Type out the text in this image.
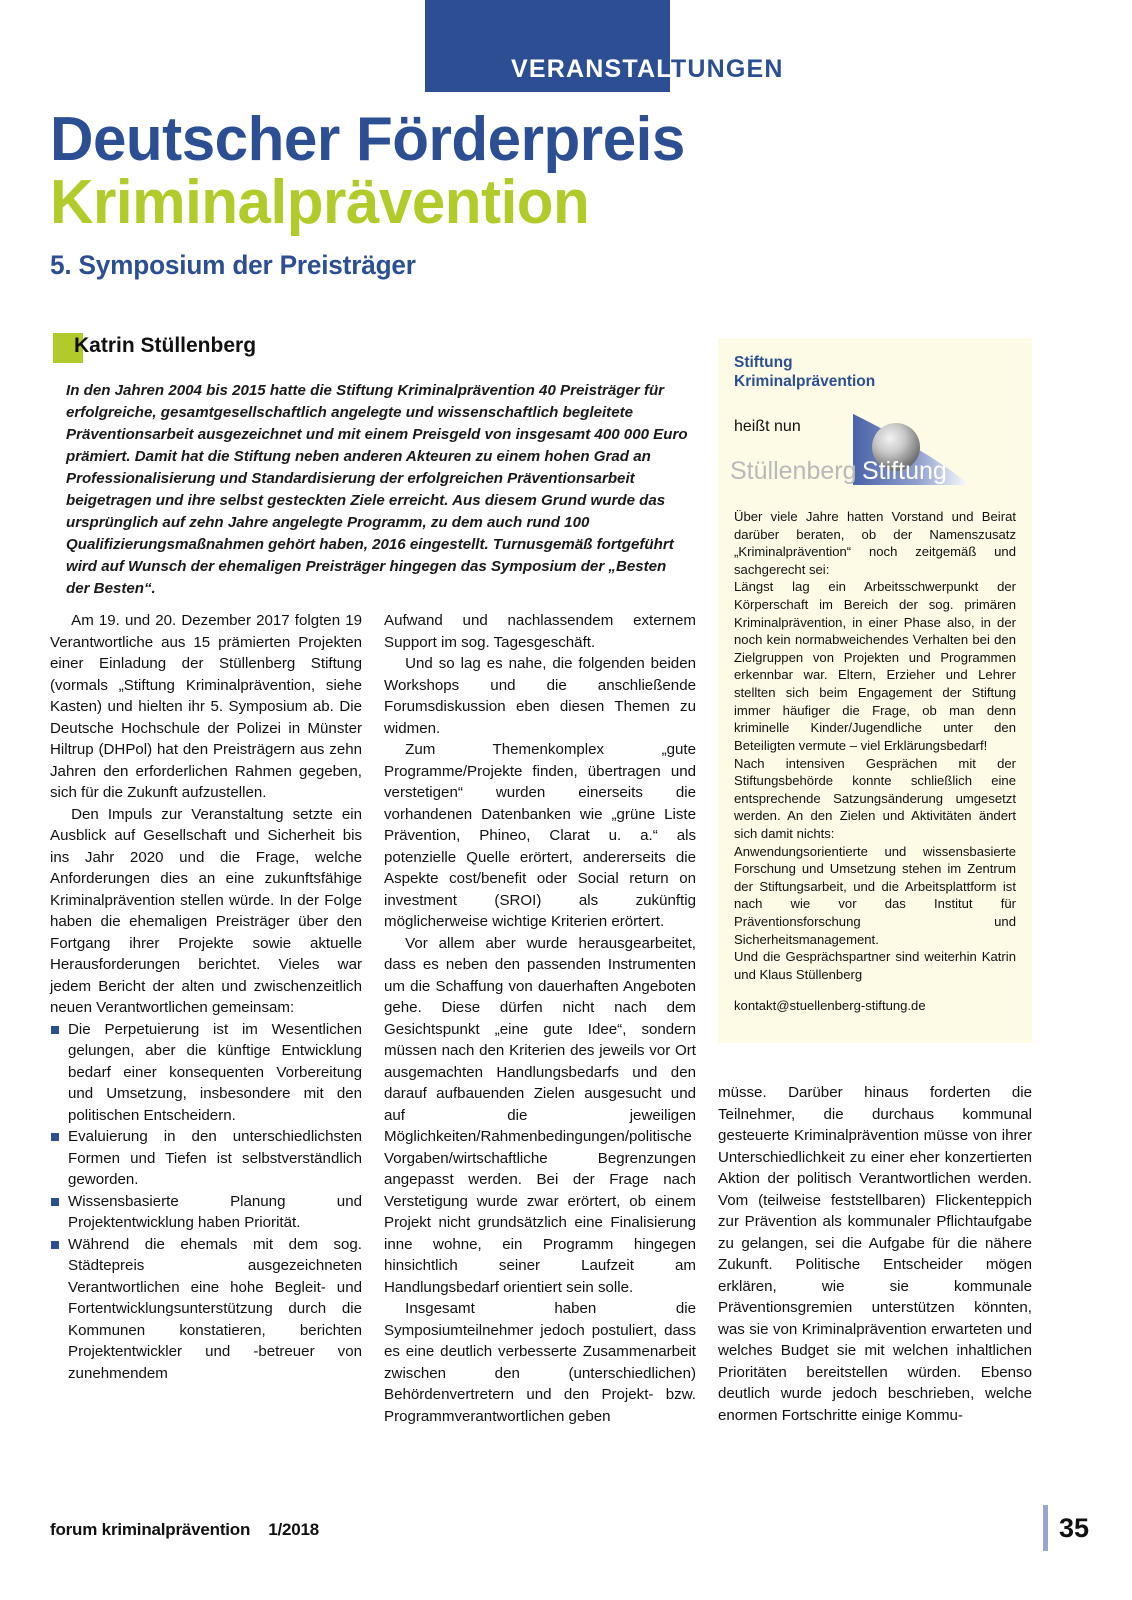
VERANSTALTUNGEN
Deutscher Förderpreis
Kriminalprävention
5. Symposium der Preisträger
Katrin Stüllenberg
In den Jahren 2004 bis 2015 hatte die Stiftung Kriminalprävention 40 Preisträger für erfolgreiche, gesamtgesellschaftlich angelegte und wissenschaftlich begleitete Präventionsarbeit ausgezeichnet und mit einem Preisgeld von insgesamt 400 000 Euro prämiert. Damit hat die Stiftung neben anderen Akteuren zu einem hohen Grad an Professionalisierung und Standardisierung der erfolgreichen Präventionsarbeit beigetragen und ihre selbst gesteckten Ziele erreicht. Aus diesem Grund wurde das ursprünglich auf zehn Jahre angelegte Programm, zu dem auch rund 100 Qualifizierungsmaßnahmen gehört haben, 2016 eingestellt. Turnusgemäß fortgeführt wird auf Wunsch der ehemaligen Preisträger hingegen das Symposium der „Besten der Besten“.

Am 19. und 20. Dezember 2017 folgten 19 Verantwortliche aus 15 prämierten Projekten einer Einladung der Stüllenberg Stiftung (vormals „Stiftung Kriminalprävention, siehe Kasten) und hielten ihr 5. Symposium ab. Die Deutsche Hochschule der Polizei in Münster Hiltrup (DHPol) hat den Preisträgern aus zehn Jahren den erforderlichen Rahmen gegeben, sich für die Zukunft aufzustellen.

Den Impuls zur Veranstaltung setzte ein Ausblick auf Gesellschaft und Sicherheit bis ins Jahr 2020 und die Frage, welche Anforderungen dies an eine zukunftsfähige Kriminalprävention stellen würde. In der Folge haben die ehemaligen Preisträger über den Fortgang ihrer Projekte sowie aktuelle Herausforderungen berichtet. Vieles war jedem Bericht der alten und zwischenzeitlich neuen Verantwortlichen gemeinsam:

Die Perpetuierung ist im Wesentlichen gelungen, aber die künftige Entwicklung bedarf einer konsequenten Vorbereitung und Umsetzung, insbesondere mit den politischen Entscheidern.
Evaluierung in den unterschiedlichsten Formen und Tiefen ist selbstverständlich geworden.
Wissensbasierte Planung und Projektentwicklung haben Priorität.
Während die ehemals mit dem sog. Städtepreis ausgezeichneten Verantwortlichen eine hohe Begleit- und Fortentwicklungsunterstützung durch die Kommunen konstatieren, berichten Projektentwickler und -betreuer von zunehmendem

Aufwand und nachlassendem externem Support im sog. Tagesgeschäft.

Und so lag es nahe, die folgenden beiden Workshops und die anschließende Forumsdiskussion eben diesen Themen zu widmen.

Zum Themenkomplex „gute Programme/Projekte finden, übertragen und verstetigen“ wurden einerseits die vorhandenen Datenbanken wie „grüne Liste Prävention, Phineo, Clarat u. a.“ als potenzielle Quelle erörtert, andererseits die Aspekte cost/benefit oder Social return on investment (SROI) als zukünftig möglicherweise wichtige Kriterien erörtert.

Vor allem aber wurde herausgearbeitet, dass es neben den passenden Instrumenten um die Schaffung von dauerhaften Angeboten gehe. Diese dürfen nicht nach dem Gesichtspunkt „eine gute Idee“, sondern müssen nach den Kriterien des jeweils vor Ort ausgemachten Handlungsbedarfs und den darauf aufbauenden Zielen ausgesucht und auf die jeweiligen Möglichkeiten/Rahmenbedingungen/politische Vorgaben/wirtschaftliche Begrenzungen angepasst werden. Bei der Frage nach Verstetigung wurde zwar erörtert, ob einem Projekt nicht grundsätzlich eine Finalisierung inne wohne, ein Programm hingegen hinsichtlich seiner Laufzeit am Handlungsbedarf orientiert sein solle.

Insgesamt haben die Symposiumteilnehmer jedoch postuliert, dass es eine deutlich verbesserte Zusammenarbeit zwischen den (unterschiedlichen) Behördenvertretern und den Projekt- bzw. Programmverantwortlichen geben

müsse. Darüber hinaus forderten die Teilnehmer, die durchaus kommunal gesteuerte Kriminalprävention müsse von ihrer Unterschiedlichkeit zu einer eher konzertierten Aktion der politisch Verantwortlichen werden. Vom (teilweise feststellbaren) Flickenteppich zur Prävention als kommunaler Pflichtaufgabe zu gelangen, sei die Aufgabe für die nähere Zukunft. Politische Entscheider mögen erklären, wie sie kommunale Präventionsgremien unterstützen könnten, was sie von Kriminalprävention erwarteten und welches Budget sie mit welchen inhaltlichen Prioritäten bereitstellen würden. Ebenso deutlich wurde jedoch beschrieben, welche enormen Fortschritte einige Kommu-

Stiftung
Kriminalprävention
heißt nun
Stüllenberg Stiftung

Über viele Jahre hatten Vorstand und Beirat darüber beraten, ob der Namenszusatz „Kriminalprävention“ noch zeitgemäß und sachgerecht sei:

Längst lag ein Arbeitsschwerpunkt der Körperschaft im Bereich der sog. primären Kriminalprävention, in einer Phase also, in der noch kein normabweichendes Verhalten bei den Zielgruppen von Projekten und Programmen erkennbar war. Eltern, Erzieher und Lehrer stellten sich beim Engagement der Stiftung immer häufiger die Frage, ob man denn kriminelle Kinder/Jugendliche unter den Beteiligten vermute – viel Erklärungsbedarf!

Nach intensiven Gesprächen mit der Stiftungsbehörde konnte schließlich eine entsprechende Satzungsänderung umgesetzt werden. An den Zielen und Aktivitäten ändert sich damit nichts:

Anwendungsorientierte und wissensbasierte Forschung und Umsetzung stehen im Zentrum der Stiftungsarbeit, und die Arbeitsplattform ist nach wie vor das Institut für Präventionsforschung und Sicherheitsmanagement.

Und die Gesprächspartner sind weiterhin Katrin und Klaus Stüllenberg

kontakt@stuellenberg-stiftung.de
forum kriminalprävention 1/2018	35
